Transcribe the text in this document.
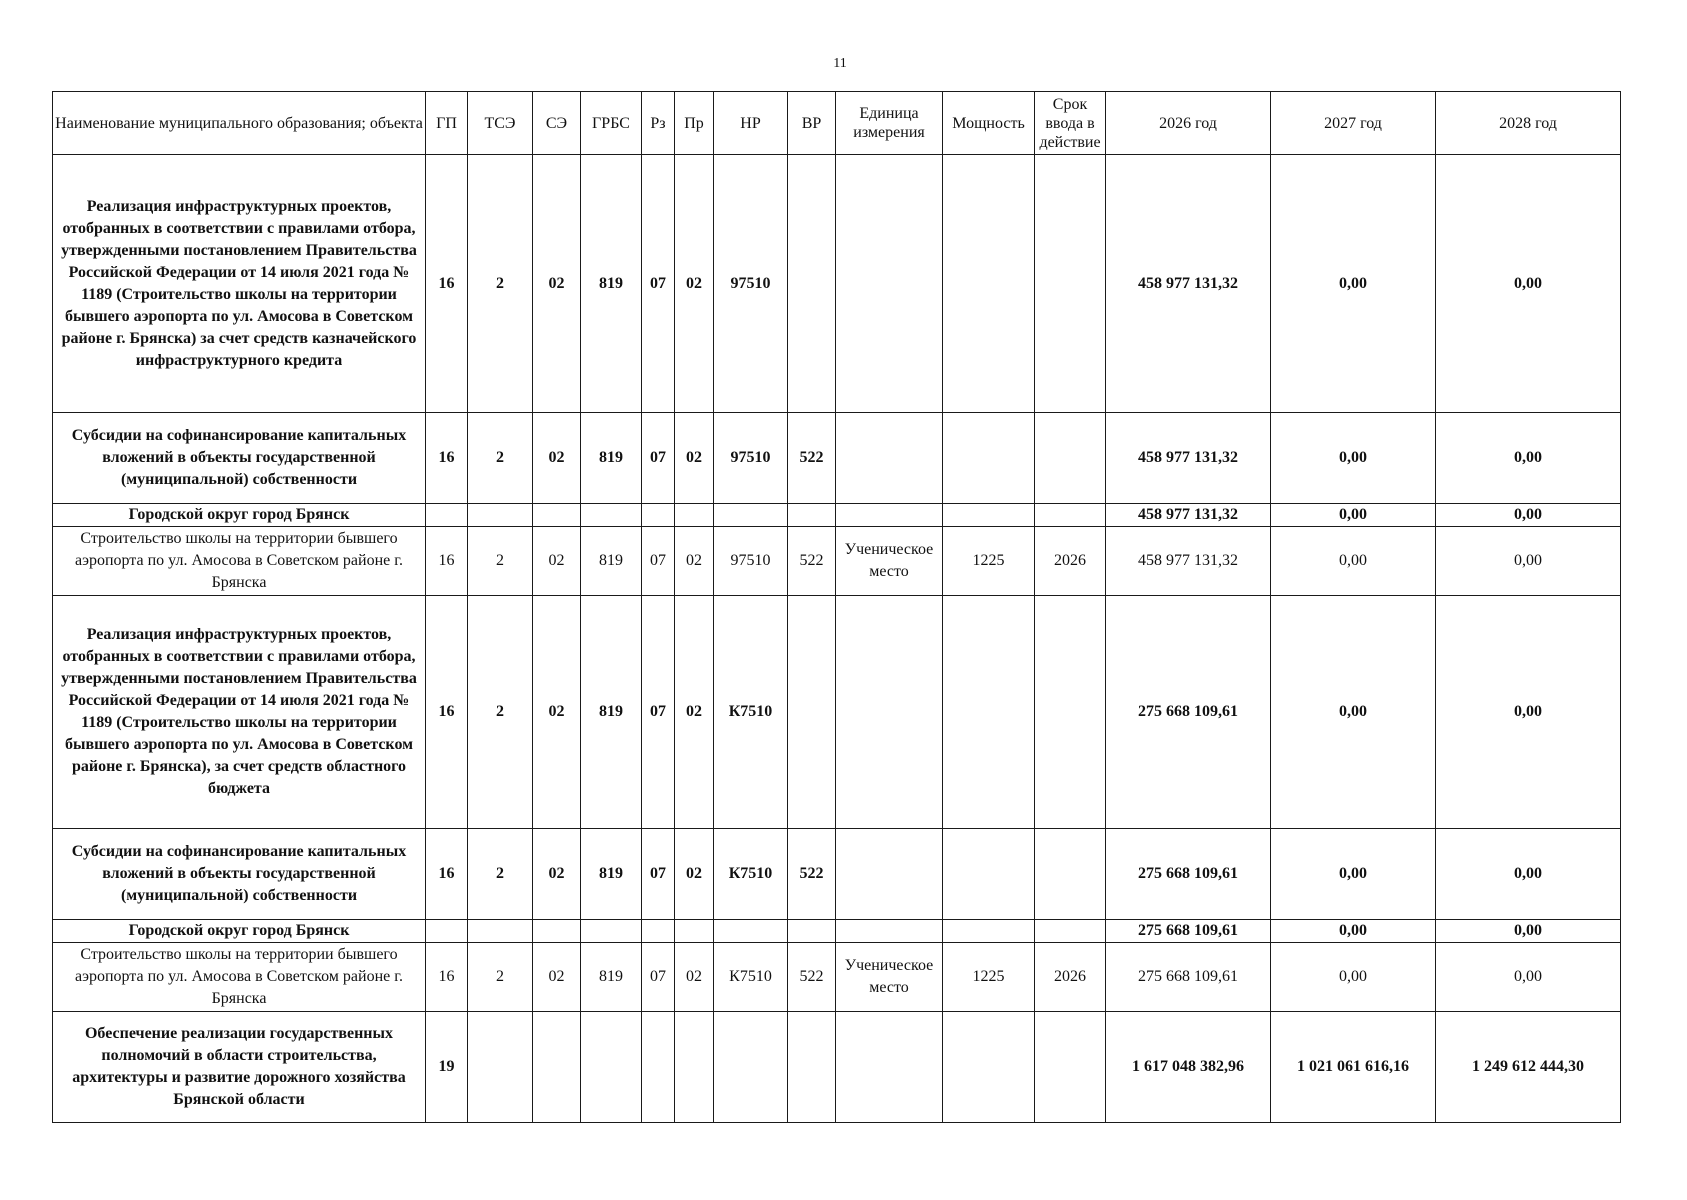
11
Наименование муниципального образования; объекта	ГП	ТСЭ	СЭ	ГРБС	Рз	Пр	НР	ВР	Единица измерения	Мощность	Срок ввода в действие	2026 год	2027 год	2028 год
Реализация инфраструктурных проектов, отобранных в соответствии с правилами отбора, утвержденными постановлением Правительства Российской Федерации от 14 июля 2021 года № 1189 (Строительство школы на территории бывшего аэропорта по ул. Амосова в Советском районе г. Брянска) за счет средств казначейского инфраструктурного кредита	16	2	02	819	07	02	97510					458 977 131,32	0,00	0,00
Субсидии на софинансирование капитальных вложений в объекты государственной (муниципальной) собственности	16	2	02	819	07	02	97510	522				458 977 131,32	0,00	0,00
Городской округ город Брянск												458 977 131,32	0,00	0,00
Строительство школы на территории бывшего аэропорта по ул. Амосова в Советском районе г. Брянска	16	2	02	819	07	02	97510	522	Ученическое место	1225	2026	458 977 131,32	0,00	0,00
Реализация инфраструктурных проектов, отобранных в соответствии с правилами отбора, утвержденными постановлением Правительства Российской Федерации от 14 июля 2021 года № 1189 (Строительство школы на территории бывшего аэропорта по ул. Амосова в Советском районе г. Брянска), за счет средств областного бюджета	16	2	02	819	07	02	К7510					275 668 109,61	0,00	0,00
Субсидии на софинансирование капитальных вложений в объекты государственной (муниципальной) собственности	16	2	02	819	07	02	К7510	522				275 668 109,61	0,00	0,00
Городской округ город Брянск												275 668 109,61	0,00	0,00
Строительство школы на территории бывшего аэропорта по ул. Амосова в Советском районе г. Брянска	16	2	02	819	07	02	К7510	522	Ученическое место	1225	2026	275 668 109,61	0,00	0,00
Обеспечение реализации государственных полномочий в области строительства, архитектуры и развитие дорожного хозяйства Брянской области	19											1 617 048 382,96	1 021 061 616,16	1 249 612 444,30
